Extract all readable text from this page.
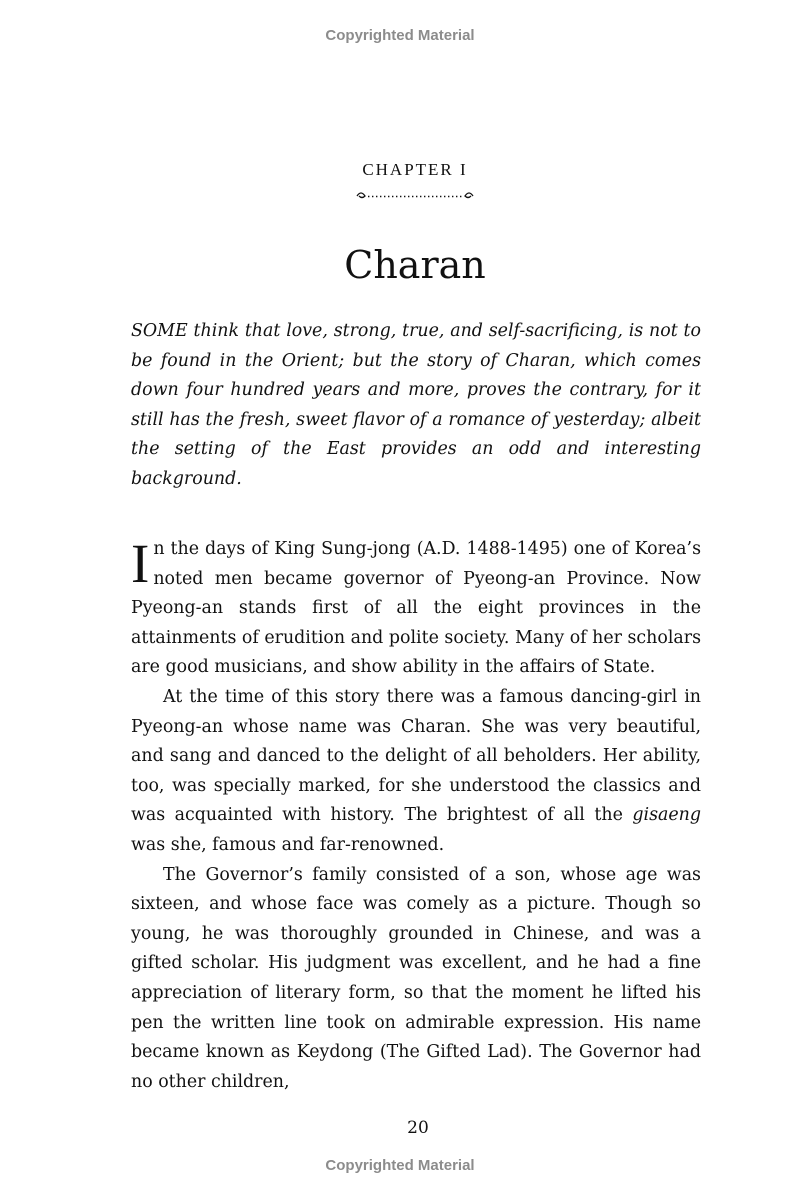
Copyrighted Material
CHAPTER I
Charan

SOME think that love, strong, true, and self-sacrificing, is not to be found in the Orient; but the story of Charan, which comes down four hundred years and more, proves the contrary, for it still has the fresh, sweet flavor of a romance of yesterday; albeit the setting of the East provides an odd and interesting background.

In the days of King Sung-jong (A.D. 1488-1495) one of Korea’s noted men became governor of Pyeong-an Province. Now Pyeong-an stands first of all the eight provinces in the attainments of erudition and polite society. Many of her scholars are good musicians, and show ability in the affairs of State.

At the time of this story there was a famous dancing-girl in Pyeong-an whose name was Charan. She was very beautiful, and sang and danced to the delight of all beholders. Her ability, too, was specially marked, for she understood the classics and was acquainted with history. The brightest of all the gisaeng was she, famous and far-renowned.

The Governor’s family consisted of a son, whose age was sixteen, and whose face was comely as a picture. Though so young, he was thoroughly grounded in Chinese, and was a gifted scholar. His judgment was excellent, and he had a fine appreciation of literary form, so that the moment he lifted his pen the written line took on admirable expression. His name became known as Keydong (The Gifted Lad). The Governor had no other children,

20
Copyrighted Material
